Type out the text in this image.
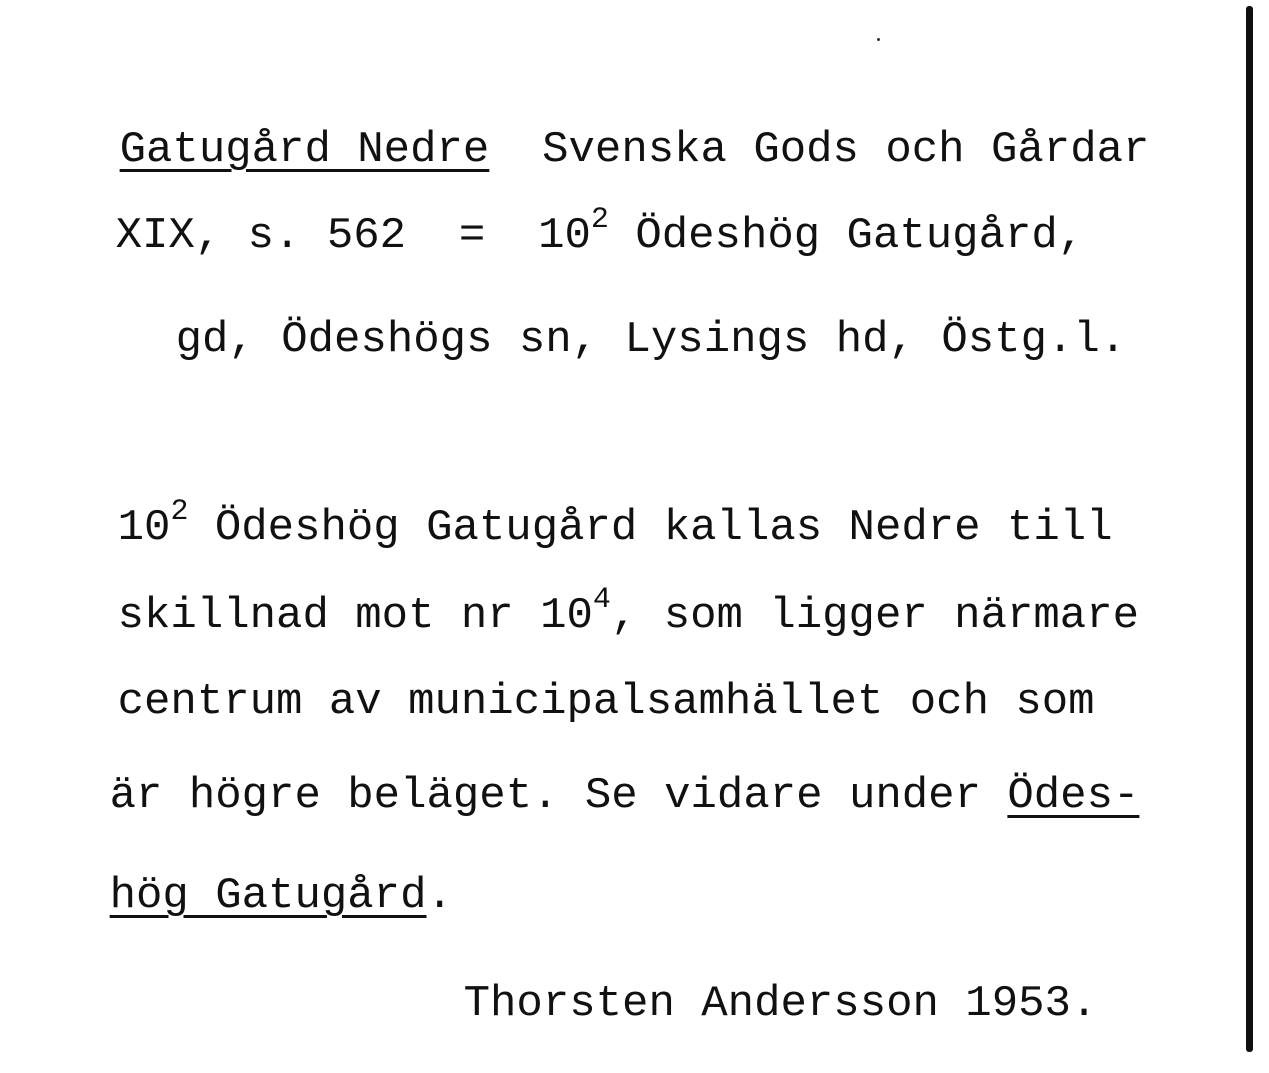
Gatugård Nedre Svenska Gods och Gårdar

XIX, s. $562 = 10^2$ Ödeshög Gatugård,

gd, Ödeshögs sn, Lysings hd, Östg.l.

$10^2$ Ödeshög Gatugård kallas Nedre till

skillnad mot nr $10^4$, som ligger närmare

centrum av municipalsamhället och som

är högre beläget. Se vidare under Ödes-

hög Gatugård.

Thorsten Andersson 1953.
